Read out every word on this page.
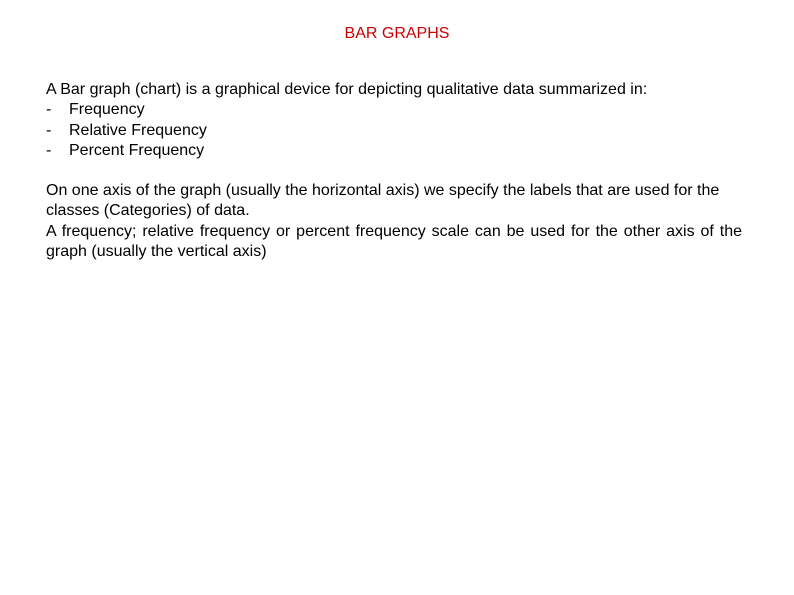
BAR GRAPHS

A Bar graph (chart) is a graphical device for depicting qualitative data summarized in:

-	Frequency
-	Relative Frequency
-	Percent Frequency

On one axis of the graph (usually the horizontal axis) we specify the labels that are used for the classes (Categories) of data.

A frequency; relative frequency or percent frequency scale can be used for the other axis of the graph (usually the vertical axis)
